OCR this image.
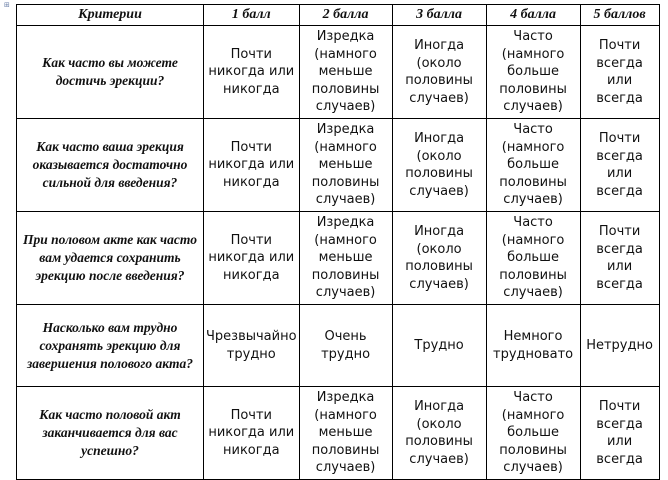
⊞
Критерии	1 балл	2 балла	3 балла	4 балла	5 баллов
Как часто вы можете достичь эрекции?	Почти никогда или никогда	Изредка (намного меньше половины случаев)	Иногда (около половины случаев)	Часто (намного больше половины случаев)	Почти всегда или всегда
Как часто ваша эрекция оказывается достаточно сильной для введения?	Почти никогда или никогда	Изредка (намного меньше половины случаев)	Иногда (около половины случаев)	Часто (намного больше половины случаев)	Почти всегда или всегда
При половом акте как часто вам удается сохранить эрекцию после введения?	Почти никогда или никогда	Изредка (намного меньше половины случаев)	Иногда (около половины случаев)	Часто (намного больше половины случаев)	Почти всегда или всегда
Насколько вам трудно сохранять эрекцию для завершения полового акта?	Чрезвычайно трудно	Очень трудно	Трудно	Немного трудновато	Нетрудно
Как часто половой акт заканчивается для вас успешно?	Почти никогда или никогда	Изредка (намного меньше половины случаев)	Иногда (около половины случаев)	Часто (намного больше половины случаев)	Почти всегда или всегда
